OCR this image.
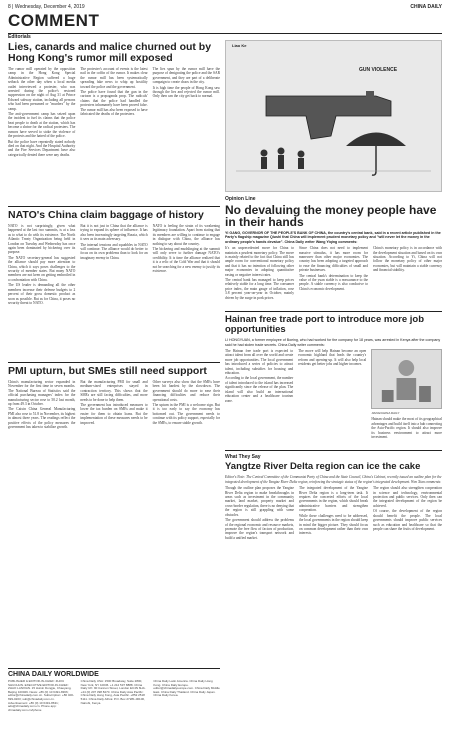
8 | Wednesday, December 4, 2019	CHINA DAILY
COMMENT
Editorials
Lies, canards and malice churned out by Hong Kong's rumor mill exposed

The rumor mill operated by the opposition camp in the Hong Kong Special Administrative Region suffered a huge setback the other day when a local media outlet interviewed a protester, who was arrested during the police's restored suppression on the night of Aug 31 at Prince Edward subway station, including all persons who had been presumed or "murders" by the camp.

The anti-government camp has seized upon the incident to fuel its claims that the police beat people to death at the station, which has become a shrine for the radical protesters. The rumors have served to stoke the violence of the protests and the hatred of the police.

But the police have repeatedly stated nobody died on that night. And the Hospital Authority and the Fire Services Department have also categorically denied there were any deaths.

The protester's account of events is the latest nail in the coffin of the rumor. It makes clear the rumor mill has been systematically spreading fake news to whip up hostility toward the police and the government.

The police have found that the gun in the cartoon is a propaganda prop. The radicals' claims that the police had handled the protesters inhumanely have been proved false. The rumor mill has also been exposed to have fabricated the deaths of the protesters.

The lies spun by the rumor mill have the purpose of denigrating the police and the SAR government, and they are part of a deliberate campaign to create chaos in the city.

It is high time the people of Hong Kong saw through the lies and rejected the rumor mill. Only then can the city get back to normal.

NATO's China claim baggage of history

NATO is not surprisingly, given what happened at the last two summits, is at a loss as to what to do with its existence. The North Atlantic Treaty Organization being held in London on Tuesday and Wednesday has once again been dominated by bickering over its purpose.

The NATO secretary-general has suggested the alliance should pay more attention to China, which it says poses challenges to the security of member states. But many NATO members are not keen on getting embroiled in a confrontation with China.

The US leader is demanding all the other members increase their defense budgets to 2 percent of their gross domestic product as soon as possible. But as for China, it poses no security threat to NATO.

But it is not just in China that the alliance is trying to expand its sphere of influence. It has also been increasingly targeting Russia, which it sees as its main adversary.

The internal tensions and squabbles in NATO will continue. The alliance would do better to focus on its own problems than to look for an imaginary enemy in China.

NATO is feeling the strain of its weakening legitimacy foundation. Apart from stating that its members are willing to continue to engage in dialogue with China, the alliance has nothing to say about the country.

The bickering and mudslinging at the summit will only serve to further damage NATO's credibility. It is time the alliance realized that it is a relic of the Cold War and that it should not be searching for a new enemy to justify its existence.

PMI upturn, but SMEs still need support

China's manufacturing sector expanded in November for the first time in seven months. The National Bureau of Statistics said the official purchasing managers' index for the manufacturing sector rose to 50.2 last month, up from 49.3 in October.

The Caixin China General Manufacturing PMI also rose to 51.8 in November, its highest in almost three years. The readings reflect the positive effects of the policy measures the government has taken to stabilize growth.

But the manufacturing PMI for small and medium-sized enterprises stayed in contraction territory. This shows that the SMEs are still facing difficulties, and more needs to be done to help them.

The government has introduced measures to lower the tax burden on SMEs and make it easier for them to obtain loans. But the implementation of these measures needs to be improved.

Other surveys also show that the SMEs have been hit hardest by the slowdown. The government should do more to ease their financing difficulties and reduce their operational costs.

The upturn in the PMI is a welcome sign. But it is too early to say the economy has bottomed out. The government needs to continue with its policy support, especially for the SMEs, to ensure stable growth.

GUN VIOLENCE
Liao Ke
Opinion Line
No devaluing the money people have in their hands
YI GANG, GOVERNOR OF THE PEOPLE'S BANK OF CHINA, the country's central bank, said in a recent article published in the Party's flagship magazine Qiushi that China will implement prudent monetary policy and "will never let the money in the ordinary people's hands devalue". China Daily writer Wang Yiqing comments:

It's an unprecedented move for China to maintain a prudent monetary policy. The move is mainly related to the fact that China still has ample room for conventional monetary policy and that it has no intention of following other major economies in adopting quantitative easing or negative interest rates.

The central bank has managed to keep prices relatively stable for a long time. The consumer price index, the main gauge of inflation, rose 3.8 percent year-on-year in October, mainly driven by the surge in pork prices.

Since China does not need to implement massive stimulus, it has more room for maneuver than other major economies. The country has been adopting a targeted approach to ease the financing difficulties of small and private businesses.

The central bank's determination to keep the value of the yuan stable is a reassurance to the people. A stable currency is also conducive to China's economic development.

China's monetary policy is in accordance with the development situation and based on its own situation. According to Yi, China will not follow the monetary policy of other major economies, but will maintain a stable currency and financial stability.

Hainan free trade port to introduce more job opportunities
LI HONGYUAN, a former employee of Boeing, who had worked for the company for 18 years, was arrested in Kenya after the company said he had stolen trade secrets. China Daily writer comments:

The Hainan free trade port is expected to attract talent from all over the world and create more job opportunities. The local government has introduced a series of policies to attract talent, including subsidies for housing and education.

According to the local government, the number of talent introduced to the island has increased significantly since the release of the plan. The island will also build an international education center and a healthcare tourism zone.

The move will help Hainan become an open economic highland that leads the country's reform and opening-up. It will also help local residents get better jobs and higher incomes.

JIANG/CHINA DAILY

Hainan should make the most of its geographical advantages and build itself into a hub connecting the Asia-Pacific region. It should also improve its business environment to attract more investment.

What They Say
Yangtze River Delta region can ice the cake
Editor's Note: The Central Committee of the Communist Party of China and the State Council, China's Cabinet, recently issued an outline plan for the integrated development of the Yangtze River Delta region, reinforcing the strategic status of the region's integrated development. Wen Xian comments:

Though the outline plan proposes the Yangtze River Delta region to make breakthroughs in areas such as investment in the community market, land market, property market and cross-border regulation, there is no denying that the region is still grappling with some obstacles.

The government should address the problems of the regional economic and resource markets, promote the free flow of factors of production, improve the region's transport network and build a unified market.

The integrated development of the Yangtze River Delta region is a long-term task. It requires the concerted efforts of the local governments in the region, which should break administrative barriers and strengthen cooperation.

While these challenges need to be addressed, the local governments in the region should keep in mind the bigger picture. They should focus on common development rather than their own interests.

The region should also strengthen cooperation in science and technology, environmental protection and public services. Only then can the integrated development of the region be achieved.

Of course, the development of the region should benefit the people. The local governments should improve public services such as education and healthcare so that the people can share the fruits of development.

CHINA DAILY WORLDWIDE
PUBLISHER & EDITOR-IN-CHIEF: ZHOU SHUCHUN. EXECUTIVE EDITOR-IN-CHIEF: ZHAO LANXIAN. 15 Huixin Dongjie, Chaoyang, Beijing 100029. News: +86 (0) 10 6491-8366; editor@chinadaily.com.cn. Subscription: +86 400-699-0203; sub@chinadaily.com.cn. Advertisement: +86 (0) 10 6491-8631; ads@chinadaily.com.cn. Phone app: chinadaily.com.cn/iphone
China Daily USA: 1500 Broadway, Suite 2800, New York, NY 10036. +1 212 537 8888. China Daily UK: 90 Cannon Street, London EC4N 6HA. +44 (0) 207 398 8270. China Daily Asia Pacific: China Daily Hong Kong, Asia Pacific. +852 2518 5111. China Daily Africa: P.O. Box 27281-00100, Nairobi, Kenya.
China Daily Latin America. China Daily Hong Kong. China Daily Europe. editor@chinadailyeurope.com. China Daily Middle East. China Daily Thailand. China Daily Japan. China Daily Korea.
